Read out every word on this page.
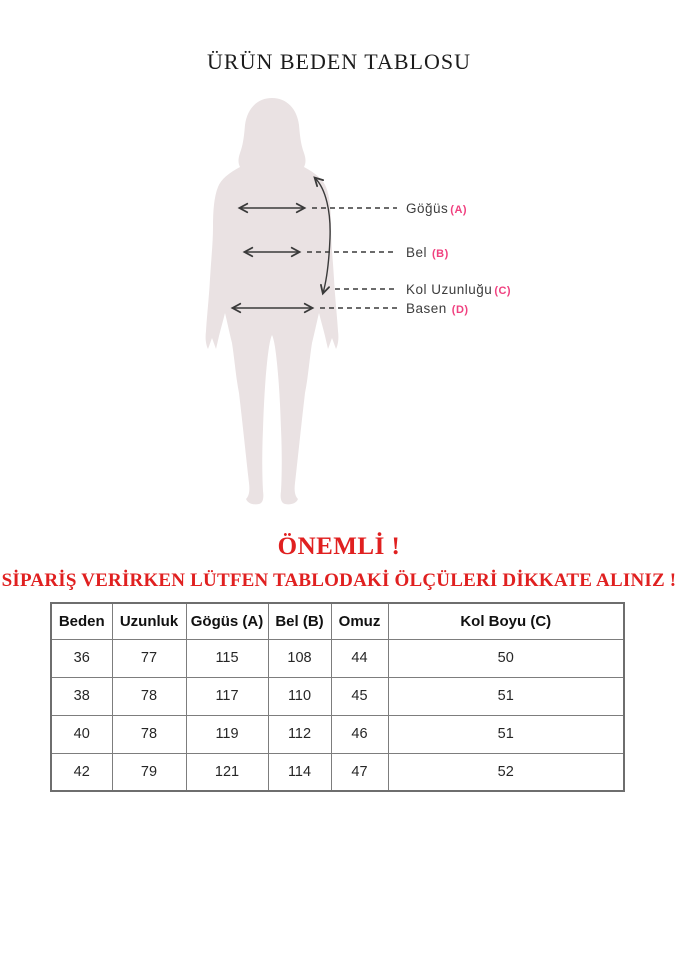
ÜRÜN BEDEN TABLOSU
Göğüs (A)
Bel (B)
Kol Uzunluğu (C)
Basen (D)
ÖNEMLİ !

SİPARİŞ VERİRKEN LÜTFEN TABLODAKİ ÖLÇÜLERİ DİKKATE ALINIZ !

Beden	Uzunluk	Gögüs (A)	Bel (B)	Omuz	Kol Boyu (C)
36	77	115	108	44	50
38	78	117	110	45	51
40	78	119	112	46	51
42	79	121	114	47	52
